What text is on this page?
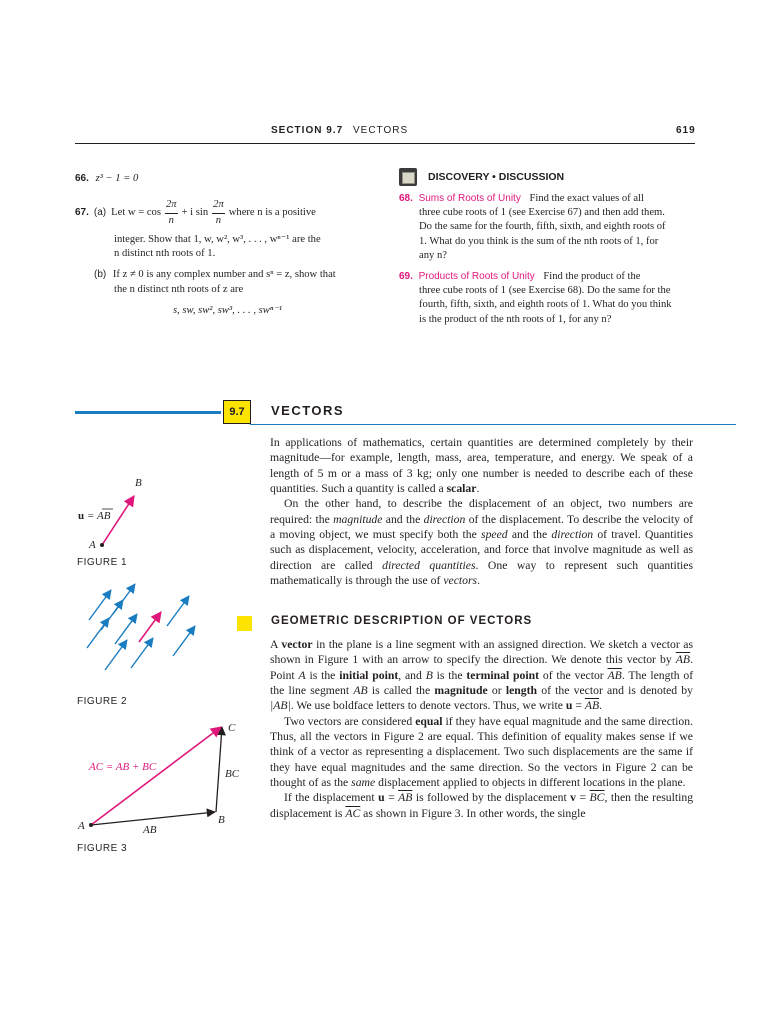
SECTION 9.7 VECTORS	619
66. z³ − 1 = 0
67. (a) Let w = cos
2π
n
+ i sin
2π
n
where n is a positive
integer. Show that 1, w, w², w³, . . . , wⁿ⁻¹ are the
n distinct nth roots of 1.
(b) If z ≠ 0 is any complex number and sⁿ = z, show that
the n distinct nth roots of z are
s, sw, sw², sw³, . . . , swⁿ⁻¹
DISCOVERY • DISCUSSION
68. Sums of Roots of Unity Find the exact values of all
three cube roots of 1 (see Exercise 67) and then add them.
Do the same for the fourth, fifth, sixth, and eighth roots of
1. What do you think is the sum of the nth roots of 1, for
any n?
69. Products of Roots of Unity Find the product of the
three cube roots of 1 (see Exercise 68). Do the same for the
fourth, fifth, sixth, and eighth roots of 1. What do you think
is the product of the nth roots of 1, for any n?
9.7	VECTORS

In applications of mathematics, certain quantities are determined completely by their magnitude—for example, length, mass, area, temperature, and energy. We speak of a length of 5 m or a mass of 3 kg; only one number is needed to describe each of these quantities. Such a quantity is called a scalar.

On the other hand, to describe the displacement of an object, two numbers are required: the magnitude and the direction of the displacement. To describe the velocity of a moving object, we must specify both the speed and the direction of travel. Quantities such as displacement, velocity, acceleration, and force that involve magnitude as well as direction are called directed quantities. One way to represent such quantities mathematically is through the use of vectors.

GEOMETRIC DESCRIPTION OF VECTORS

A vector in the plane is a line segment with an assigned direction. We sketch a vector as shown in Figure 1 with an arrow to specify the direction. We denote this vector by $\overline{AB}$. Point A is the initial point, and B is the terminal point of the vector $\overline{AB}$. The length of the line segment AB is called the magnitude or length of the vector and is denoted by |AB|. We use boldface letters to denote vectors. Thus, we write $u = \overline{AB}$.

Two vectors are considered equal if they have equal magnitude and the same direction. Thus, all the vectors in Figure 2 are equal. This definition of equality makes sense if we think of a vector as representing a displacement. Two such displacements are the same if they have equal magnitudes and the same direction. So the vectors in Figure 2 can be thought of as the same displacement applied to objects in different locations in the plane.

If the displacement $u = \overline{AB}$ is followed by the displacement $v = \overline{BC}$, then the resulting displacement is $\overline{AC}$ as shown in Figure 3. In other words, the single

B
A
u = AB
FIGURE 1
FIGURE 2
A	B
C
AC = AB + BC
AB
BC
FIGURE 3
